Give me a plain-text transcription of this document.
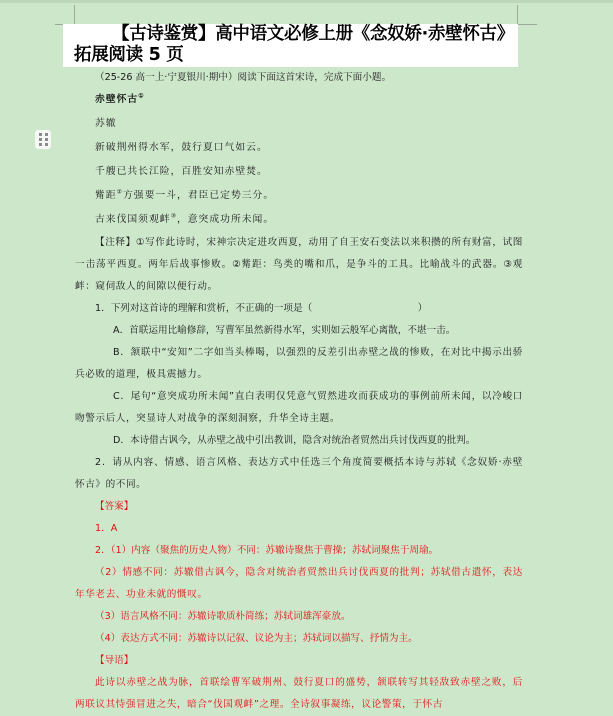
【古诗鉴赏】高中语文必修上册《念奴娇·赤壁怀古》
拓展阅读 5 页

（25-26 高一上·宁夏银川·期中）阅读下面这首宋诗，完成下面小题。

赤壁怀古①

苏辙

新破荆州得水军，鼓行夏口气如云。

千艘已共长江险，百胜安知赤壁焚。

觜距②方强要一斗，君臣已定势三分。

古来伐国须观衅③，意突成功所未闻。

【注释】①写作此诗时，宋神宗决定进攻西夏，动用了自王安石变法以来积攒的所有财富，试图一击荡平西夏。两年后战事惨败。②觜距：鸟类的嘴和爪，是争斗的工具。比喻战斗的武器。③观衅：窥伺敌人的间隙以便行动。

1．下列对这首诗的理解和赏析，不正确的一项是（　　　　　　　　　　　）

A．首联运用比喻修辞，写曹军虽然新得水军，实则如云般军心离散，不堪一击。

B．颔联中“安知”二字如当头棒喝，以强烈的反差引出赤壁之战的惨败，在对比中揭示出骄兵必败的道理，极具震撼力。

C．尾句“意突成功所未闻”直白表明仅凭意气贸然进攻而获成功的事例前所未闻，以冷峻口吻警示后人，突显诗人对战争的深刻洞察，升华全诗主题。

D．本诗借古讽今，从赤壁之战中引出教训，隐含对统治者贸然出兵讨伐西夏的批判。

2．请从内容、情感、语言风格、表达方式中任选三个角度简要概括本诗与苏轼《念奴娇·赤壁怀古》的不同。

【答案】

1．A

2．（1）内容（聚焦的历史人物）不同：苏辙诗聚焦于曹操；苏轼词聚焦于周瑜。

（2）情感不同：苏辙借古讽今，隐含对统治者贸然出兵讨伐西夏的批判；苏轼借古遣怀，表达年华老去、功业未就的慨叹。

（3）语言风格不同：苏辙诗歌质朴简练；苏轼词雄浑豪放。

（4）表达方式不同：苏辙诗以记叙、议论为主；苏轼词以描写、抒情为主。

【导语】

此诗以赤壁之战为脉，首联绘曹军破荆州、鼓行夏口的盛势，颔联转写其轻敌致赤壁之败，后两联议其恃强冒进之失，暗合“伐国观衅”之理。全诗叙事凝练，议论警策，于怀古
